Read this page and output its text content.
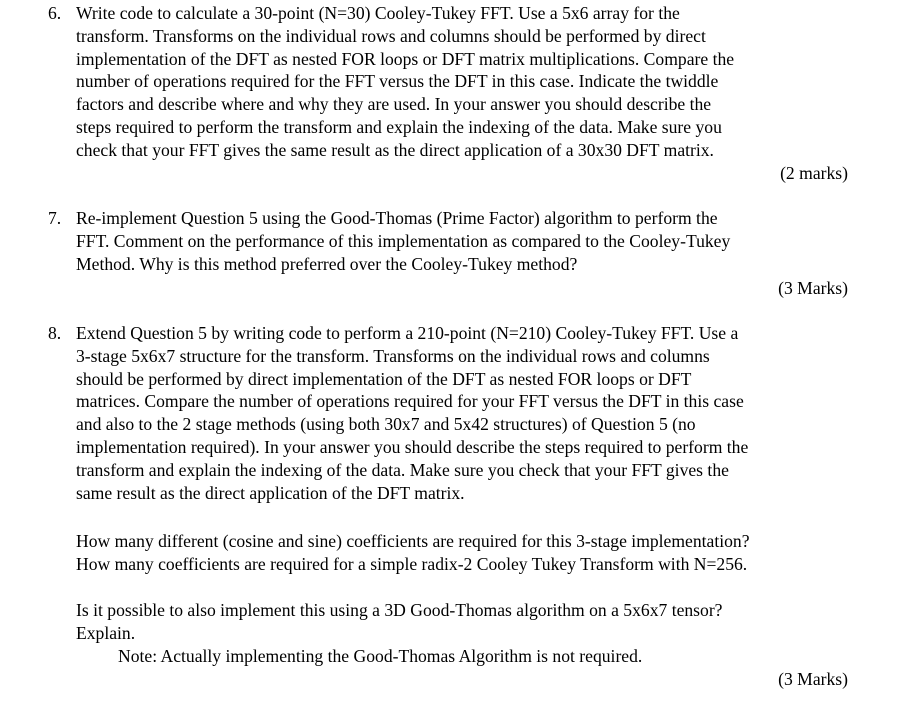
6. Write code to calculate a 30-point (N=30) Cooley-Tukey FFT. Use a 5x6 array for the
transform. Transforms on the individual rows and columns should be performed by direct
implementation of the DFT as nested FOR loops or DFT matrix multiplications. Compare the
number of operations required for the FFT versus the DFT in this case. Indicate the twiddle
factors and describe where and why they are used. In your answer you should describe the
steps required to perform the transform and explain the indexing of the data. Make sure you
check that your FFT gives the same result as the direct application of a 30x30 DFT matrix.
(2 marks)
7. Re-implement Question 5 using the Good-Thomas (Prime Factor) algorithm to perform the
FFT. Comment on the performance of this implementation as compared to the Cooley-Tukey
Method. Why is this method preferred over the Cooley-Tukey method?
(3 Marks)
8. Extend Question 5 by writing code to perform a 210-point (N=210) Cooley-Tukey FFT. Use a
3-stage 5x6x7 structure for the transform. Transforms on the individual rows and columns
should be performed by direct implementation of the DFT as nested FOR loops or DFT
matrices. Compare the number of operations required for your FFT versus the DFT in this case
and also to the 2 stage methods (using both 30x7 and 5x42 structures) of Question 5 (no
implementation required). In your answer you should describe the steps required to perform the
transform and explain the indexing of the data. Make sure you check that your FFT gives the
same result as the direct application of the DFT matrix.
How many different (cosine and sine) coefficients are required for this 3-stage implementation?
How many coefficients are required for a simple radix-2 Cooley Tukey Transform with N=256.
Is it possible to also implement this using a 3D Good-Thomas algorithm on a 5x6x7 tensor?
Explain.
Note: Actually implementing the Good-Thomas Algorithm is not required.
(3 Marks)
